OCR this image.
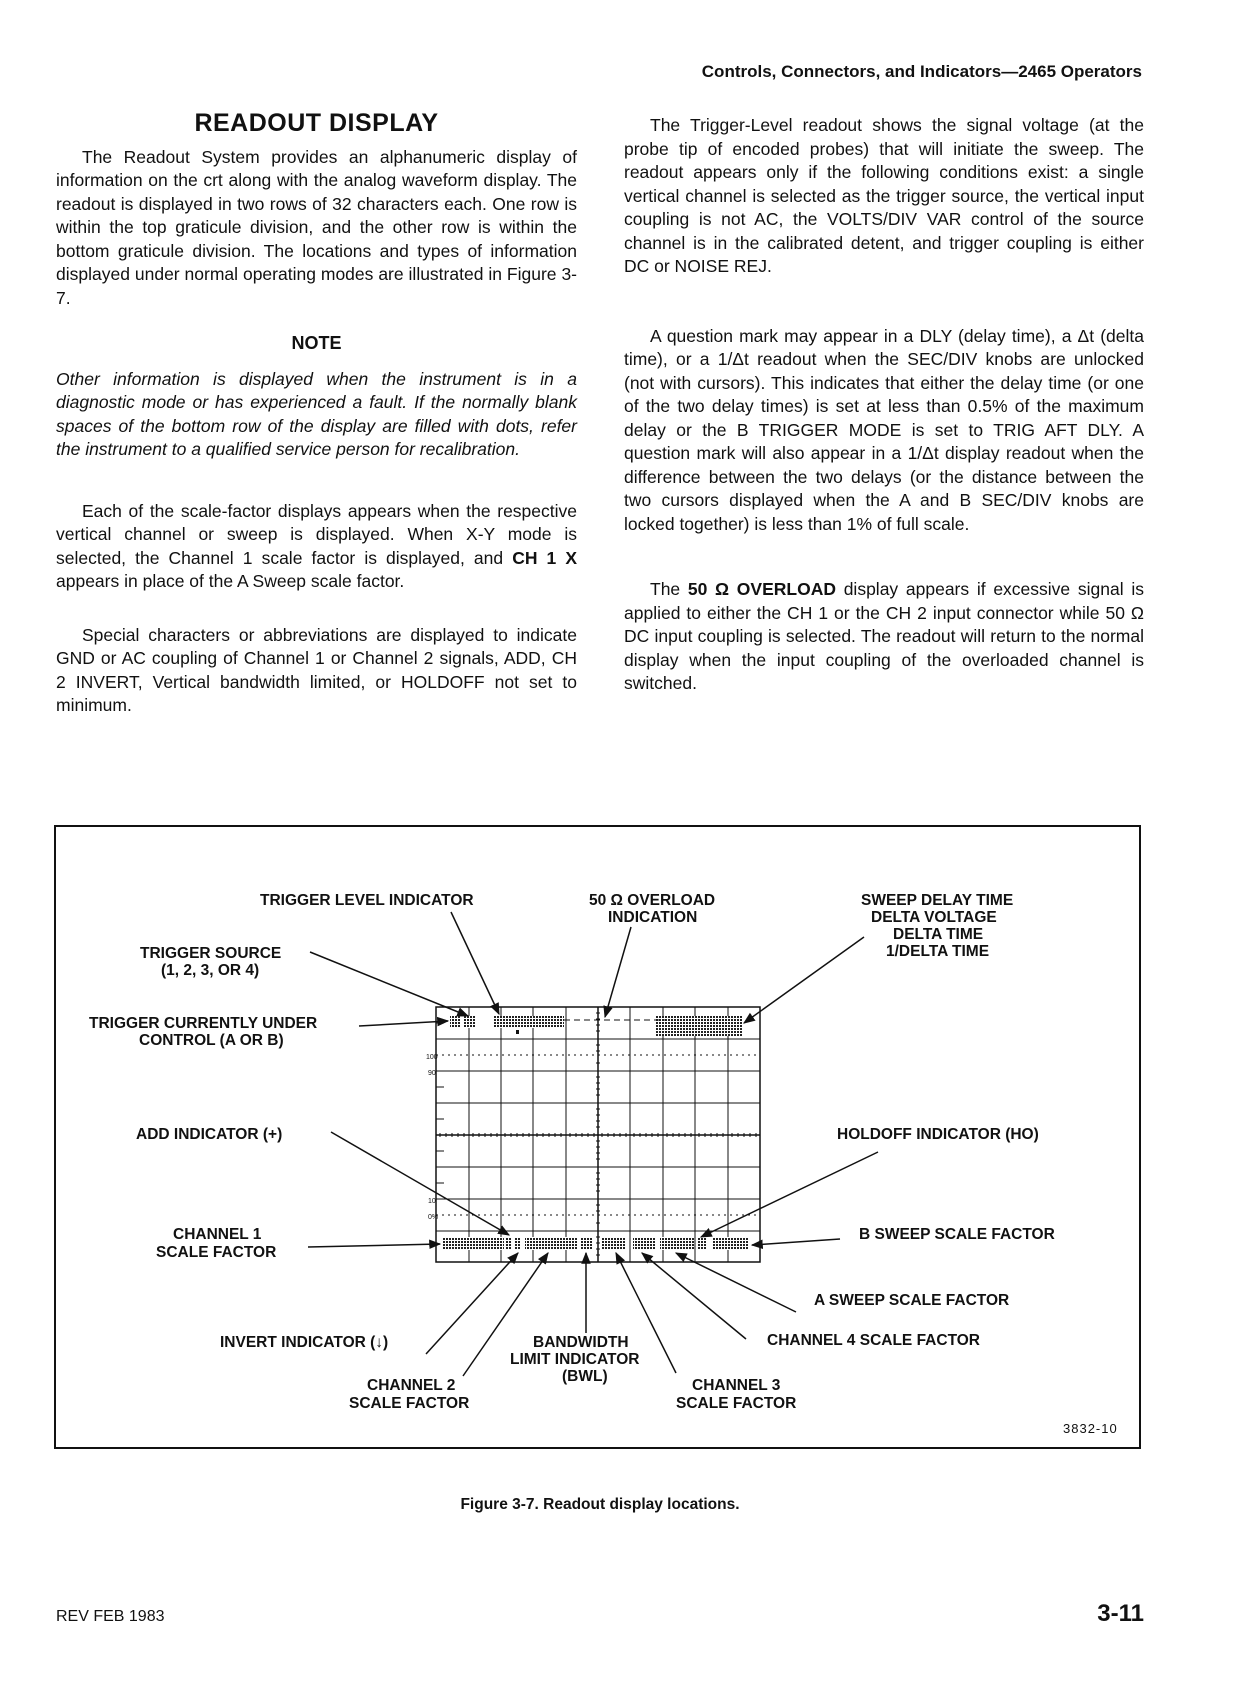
Controls, Connectors, and Indicators—2465 Operators
READOUT DISPLAY

The Readout System provides an alphanumeric display of information on the crt along with the analog waveform display. The readout is displayed in two rows of 32 characters each. One row is within the top graticule division, and the other row is within the bottom graticule division. The locations and types of information displayed under normal operating modes are illustrated in Figure 3-7.

NOTE

Other information is displayed when the instrument is in a diagnostic mode or has experienced a fault. If the normally blank spaces of the bottom row of the display are filled with dots, refer the instrument to a qualified service person for recalibration.

Each of the scale-factor displays appears when the respective vertical channel or sweep is displayed. When X-Y mode is selected, the Channel 1 scale factor is displayed, and CH 1 X appears in place of the A Sweep scale factor.

Special characters or abbreviations are displayed to indicate GND or AC coupling of Channel 1 or Channel 2 signals, ADD, CH 2 INVERT, Vertical bandwidth limited, or HOLDOFF not set to minimum.

The Trigger-Level readout shows the signal voltage (at the probe tip of encoded probes) that will initiate the sweep. The readout appears only if the following conditions exist: a single vertical channel is selected as the trigger source, the vertical input coupling is not AC, the VOLTS/DIV VAR control of the source channel is in the calibrated detent, and trigger coupling is either DC or NOISE REJ.

A question mark may appear in a DLY (delay time), a Δt (delta time), or a 1/Δt readout when the SEC/DIV knobs are unlocked (not with cursors). This indicates that either the delay time (or one of the two delay times) is set at less than 0.5% of the maximum delay or the B TRIGGER MODE is set to TRIG AFT DLY. A question mark will also appear in a 1/Δt display readout when the difference between the two delays (or the distance between the two cursors displayed when the A and B SEC/DIV knobs are locked together) is less than 1% of full scale.

The 50 Ω OVERLOAD display appears if excessive signal is applied to either the CH 1 or the CH 2 input connector while 50 Ω DC input coupling is selected. The readout will return to the normal display when the input coupling of the overloaded channel is switched.

100
90
10
0%
TRIGGER LEVEL INDICATOR	50 Ω OVERLOAD
INDICATION
SWEEP DELAY TIME
DELTA VOLTAGE
DELTA TIME
1/DELTA TIME
TRIGGER SOURCE
(1, 2, 3, OR 4)
TRIGGER CURRENTLY UNDER
CONTROL (A OR B)
ADD INDICATOR (+)	HOLDOFF INDICATOR (HO)
CHANNEL 1
SCALE FACTOR
B SWEEP SCALE FACTOR
A SWEEP SCALE FACTOR
INVERT INDICATOR (↓)	BANDWIDTH
LIMIT INDICATOR
(BWL)
CHANNEL 4 SCALE FACTOR
CHANNEL 2
SCALE FACTOR
CHANNEL 3
SCALE FACTOR
3832-10
Figure 3-7. Readout display locations.
REV FEB 1983	3-11
